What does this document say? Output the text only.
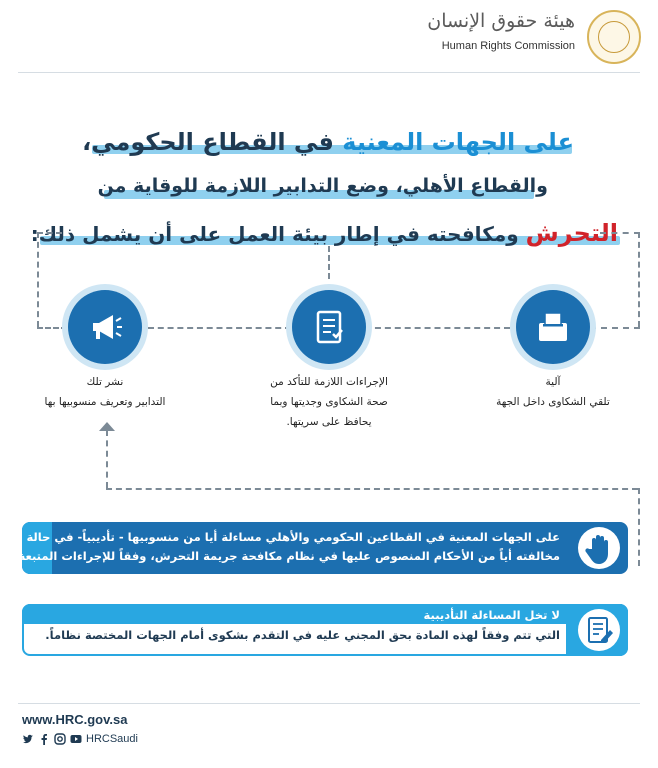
هيئة حقوق الإنسان
Human Rights Commission
على الجهات المعنية في القطاع الحكومي،
والقطاع الأهلي، وضع التدابير اللازمة للوقاية من
التحرش ومكافحته في إطار بيئة العمل على أن يشمل ذلك:
آلية
تلقي الشكاوى داخل الجهة
الإجراءات اللازمة للتأكد من
صحة الشكاوى وجديتها وبما
يحافظ على سريتها.
نشر تلك
التدابير وتعريف منسوبيها بها
على الجهات المعنية في القطاعين الحكومي والأهلي مساءلة أيا من منسوبيها - تأديبياً- في حالة
مخالفته أياً من الأحكام المنصوص عليها في نظام مكافحة جريمة التحرش، وفقاً للإجراءات المتبعة.
لا تخل المساءلة التأديبية
التي تتم وفقاً لهذه المادة بحق المجني عليه في التقدم بشكوى أمام الجهات المختصة نظاماً.
www.HRC.gov.sa
HRCSaudi
